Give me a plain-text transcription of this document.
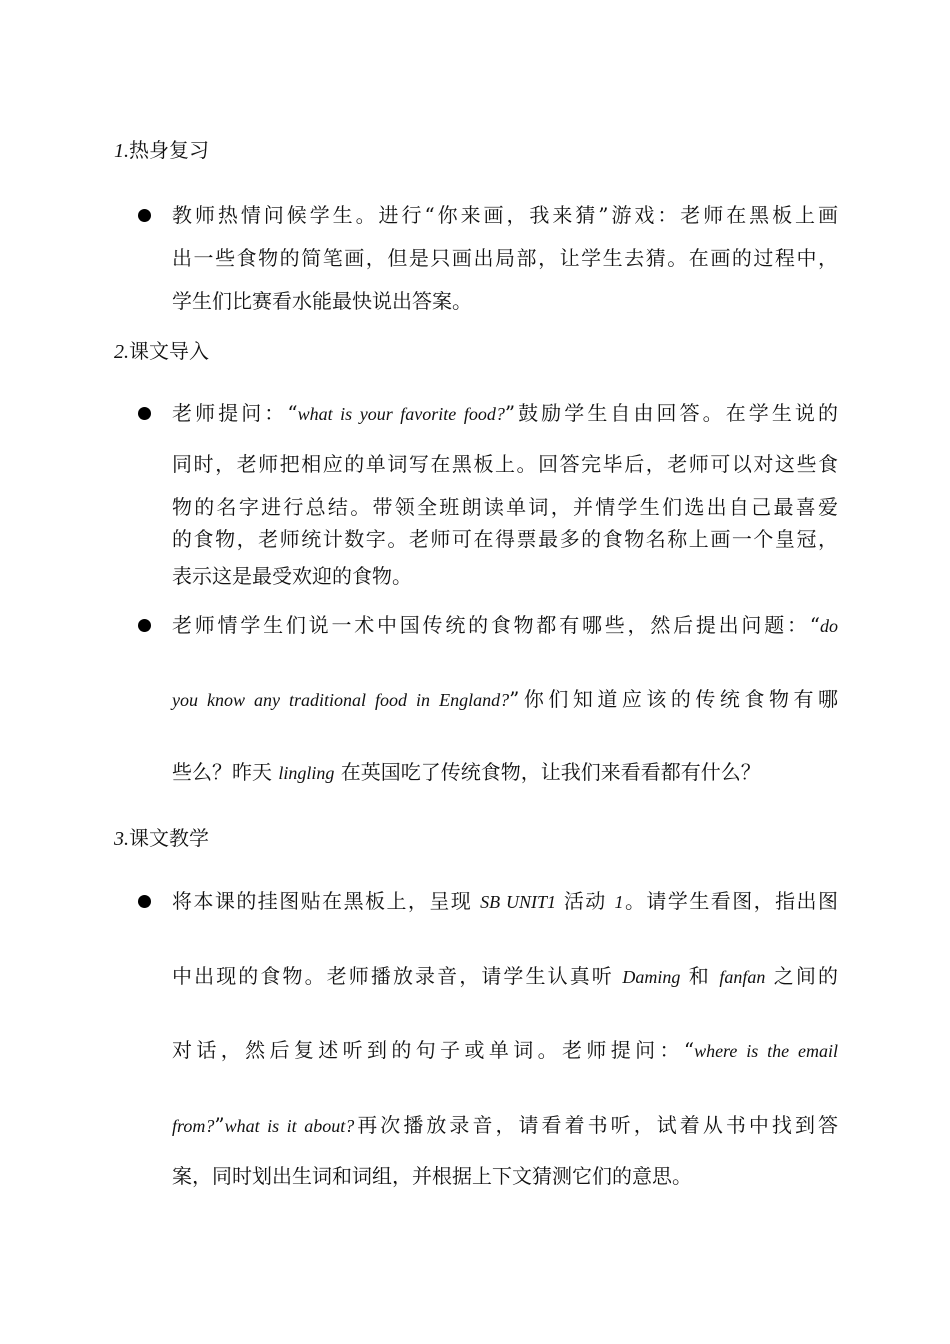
1.热身复习
教师热情问候学生。进行“你来画，我来猜”游戏：老师在黑板上画
出一些食物的简笔画，但是只画出局部，让学生去猜。在画的过程中，
学生们比赛看水能最快说出答案。
2.课文导入
老师提问：“what is your favorite food?”鼓励学生自由回答。在学生说的
同时，老师把相应的单词写在黑板上。回答完毕后，老师可以对这些食
物的名字进行总结。带领全班朗读单词，并情学生们选出自己最喜爱
的食物，老师统计数字。老师可在得票最多的食物名称上画一个皇冠，
表示这是最受欢迎的食物。
老师情学生们说一术中国传统的食物都有哪些，然后提出问题：“do
you know any traditional food in England?”你们知道应该的传统食物有哪
些么？昨天 lingling 在英国吃了传统食物，让我们来看看都有什么？
3.课文教学
将本课的挂图贴在黑板上，呈现 SB UNIT1 活动 1。请学生看图，指出图
中出现的食物。老师播放录音，请学生认真听 Daming 和 fanfan 之间的
对话，然后复述听到的句子或单词。老师提问：“where is the email
from?”what is it about?再次播放录音，请看着书听，试着从书中找到答
案，同时划出生词和词组，并根据上下文猜测它们的意思。
